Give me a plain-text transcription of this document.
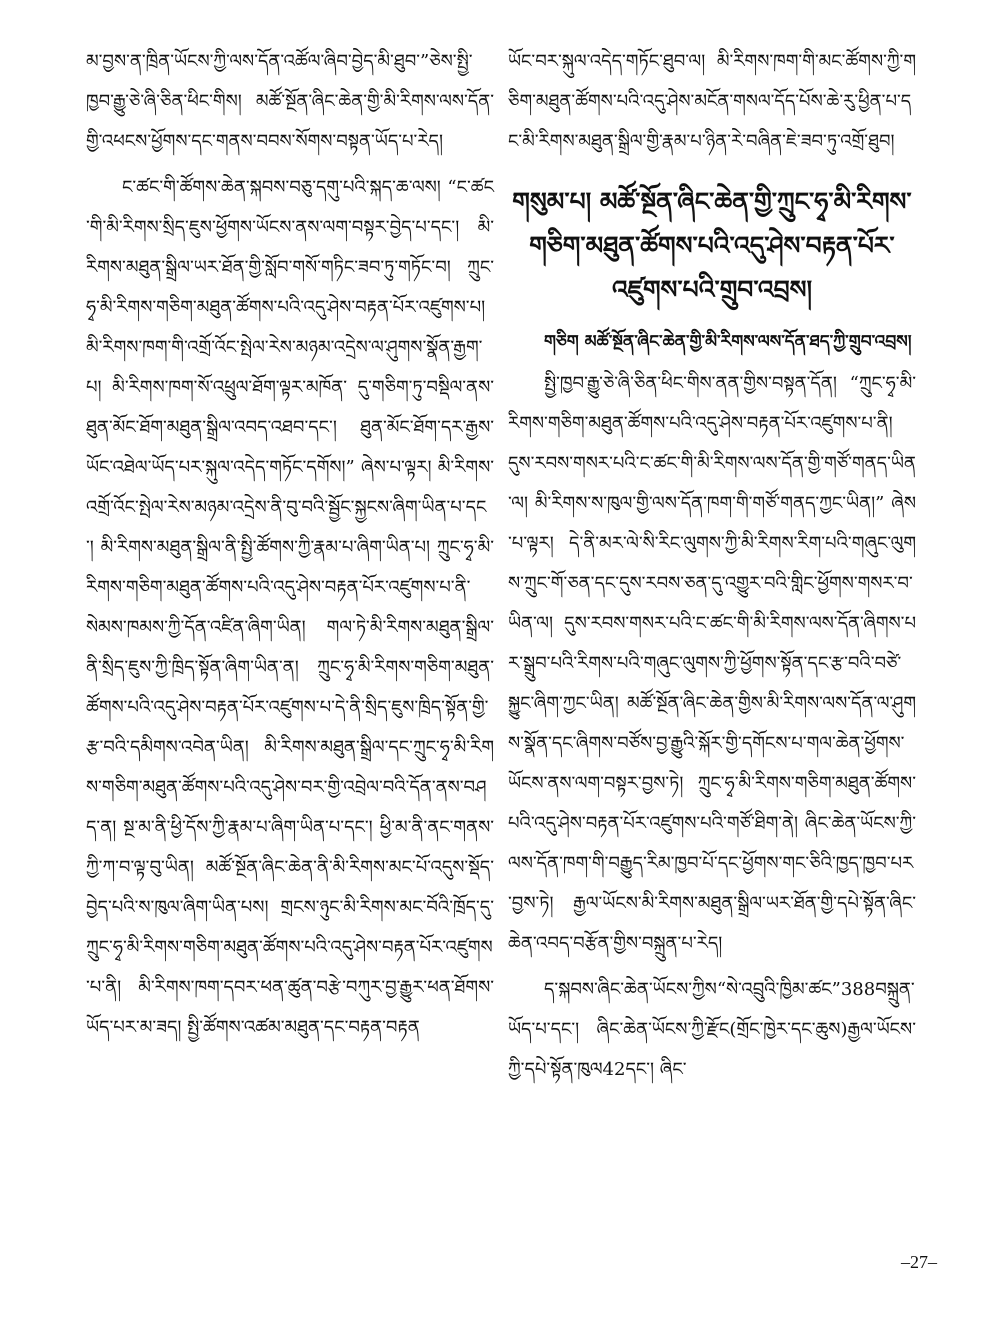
མ་བྱས་ན་ཁྲིན་ཡོངས་ཀྱི་ལས་དོན་འཚོལ་ཞིབ་བྱེད་མི་ཐུབ་”ཅེས་སྤྱི་ཁྱབ་རྒྱུ་ཅེ་ཞི་ཅིན་ཕིང་གིས། མཚོ་སྔོན་ཞིང་ཆེན་གྱི་མི་རིགས་ལས་དོན་གྱི་འཕངས་ཕྱོགས་དང་གནས་བབས་སོགས་བསྟན་ཡོད་པ་རེད།

ང་ཚང་གི་ཚོགས་ཆེན་སྐབས་བཅུ་དགུ་པའི་སྐད་ཆ་ལས། “ང་ཚང་གི་མི་རིགས་སྲིད་ཇུས་ཕྱོགས་ཡོངས་ནས་ལག་བསྟར་བྱེད་པ་དང་། མི་རིགས་མཐུན་སྒྲིལ་ཡར་ཐོན་གྱི་སློབ་གསོ་གཏིང་ཟབ་ཏུ་གཏོང་བ། ཀྲུང་ཧྭ་མི་རིགས་གཅིག་མཐུན་ཚོགས་པའི་འདུ་ཤེས་བརྟན་པོར་འཛུགས་པ། མི་རིགས་ཁག་གི་འགྲོ་འོང་སྤེལ་རེས་མཉམ་འདྲེས་ལ་ཤུགས་སྣོན་རྒྱག་པ། མི་རིགས་ཁག་སོ་འཕྲུལ་ཐོག་ལྟར་མཁོན་ དུ་གཅིག་ཏུ་བསྡིལ་ནས་ཐུན་མོང་ཐོག་མཐུན་སྒྲིལ་འབད་འཐབ་དང་། ཐུན་མོང་ཐོག་དར་རྒྱས་ཡོང་འཐེལ་ཡོད་པར་སྐུལ་འདེད་གཏོང་དགོས།” ཞེས་པ་ལྟར། མི་རིགས་འགྲོ་འོང་སྤེལ་རེས་མཉམ་འདྲེས་ནི་བུ་བའི་སྦྱོང་སྐྱངས་ཞིག་ཡིན་པ་དང་། མི་རིགས་མཐུན་སྒྲིལ་ནི་སྤྱི་ཚོགས་ཀྱི་རྣམ་པ་ཞིག་ཡིན་པ། ཀྲུང་ཧྭ་མི་རིགས་གཅིག་མཐུན་ཚོགས་པའི་འདུ་ཤེས་བརྟན་པོར་འཛུགས་པ་ནི་སེམས་ཁམས་ཀྱི་དོན་འཛིན་ཞིག་ཡིན། གལ་ཏེ་མི་རིགས་མཐུན་སྒྲིལ་ནི་སྲིད་ཇུས་ཀྱི་ཁྲིད་སྟོན་ཞིག་ཡིན་ན། ཀྲུང་ཧྭ་མི་རིགས་གཅིག་མཐུན་ཚོགས་པའི་འདུ་ཤེས་བརྟན་པོར་འཛུགས་པ་དེ་ནི་སྲིད་ཇུས་ཁྲིད་སྟོན་གྱི་རྩ་བའི་དམིགས་འབེན་ཡིན། མི་རིགས་མཐུན་སྒྲིལ་དང་ཀྲུང་ཧྭ་མི་རིགས་གཅིག་མཐུན་ཚོགས་པའི་འདུ་ཤེས་བར་གྱི་འབྲེལ་བའི་དོན་ནས་བཤད་ན། སྔ་མ་ནི་ཕྱི་དོས་ཀྱི་རྣམ་པ་ཞིག་ཡིན་པ་དང་། ཕྱི་མ་ནི་ནང་གནས་ཀྱི་ཀ་བ་ལྟ་བུ་ཡིན། མཚོ་སྔོན་ཞིང་ཆེན་ནི་མི་རིགས་མང་པོ་འདུས་སྡོད་བྱེད་པའི་ས་ཁུལ་ཞིག་ཡིན་པས། གྲངས་ཉུང་མི་རིགས་མང་བོའི་ཁྲོད་དུ་ཀྲུང་ཧྭ་མི་རིགས་གཅིག་མཐུན་ཚོགས་པའི་འདུ་ཤེས་བརྟན་པོར་འཛུགས་པ་ནི། མི་རིགས་ཁག་དབར་ཕན་ཚུན་བརྩེ་བཀུར་བྱ་རྒྱུར་ཕན་ཐོགས་ཡོད་པར་མ་ཟད། སྤྱི་ཚོགས་འཚམ་མཐུན་དང་བརྟན་བརྟན

ཡོང་བར་སྐུལ་འདེད་གཏོང་ཐུབ་ལ། མི་རིགས་ཁག་གི་མང་ཚོགས་ཀྱི་གཅིག་མཐུན་ཚོགས་པའི་འདུ་ཤེས་མངོན་གསལ་དོད་པོས་ཆེ་རུ་ཕྱིན་པ་དང་མི་རིགས་མཐུན་སྒྲིལ་གྱི་རྣམ་པ་ཉིན་རེ་བཞིན་ཇེ་ཟབ་ཏུ་འགྲོ་ཐུབ།

གསུམ་པ། མཚོ་སྔོན་ཞིང་ཆེན་གྱི་ཀྲུང་ཧྭ་མི་རིགས་གཅིག་མཐུན་ཚོགས་པའི་འདུ་ཤེས་བརྟན་པོར་འཛུགས་པའི་གྲུབ་འབྲས།
གཅིག མཚོ་སྔོན་ཞིང་ཆེན་གྱི་མི་རིགས་ལས་དོན་ཐད་ཀྱི་གྲུབ་འབྲས།

སྤྱི་ཁྱབ་རྒྱུ་ཅེ་ཞི་ཅིན་ཕིང་གིས་ནན་གྱིས་བསྟན་དོན། “ཀྲུང་ཧྭ་མི་རིགས་གཅིག་མཐུན་ཚོགས་པའི་འདུ་ཤེས་བརྟན་པོར་འཛུགས་པ་ནི། དུས་རབས་གསར་པའི་ང་ཚང་གི་མི་རིགས་ལས་དོན་གྱི་གཙོ་གནད་ཡིན་ལ། མི་རིགས་ས་ཁུལ་གྱི་ལས་དོན་ཁག་གི་གཙོ་གནད་ཀྱང་ཡིན།” ཞེས་པ་ལྟར། དེ་ནི་མར་ལེ་སི་རིང་ལུགས་ཀྱི་མི་རིགས་རིག་པའི་གཞུང་ལུགས་ཀྲུང་གོ་ཅན་དང་དུས་རབས་ཅན་དུ་འགྱུར་བའི་གླིང་ཕྱོགས་གསར་བ་ཡིན་ལ། དུས་རབས་གསར་པའི་ང་ཚང་གི་མི་རིགས་ལས་དོན་ཞིགས་པར་སྒྲུབ་པའི་རིགས་པའི་གཞུང་ལུགས་ཀྱི་ཕྱོགས་སྟོན་དང་རྩ་བའི་བཙེ་སྐྱུང་ཞིག་ཀྱང་ཡིན། མཚོ་སྔོན་ཞིང་ཆེན་གྱིས་མི་རིགས་ལས་དོན་ལ་ཤུགས་སྣོན་དང་ཞིགས་བཙོས་བྱ་རྒྱུའི་སྐོར་གྱི་དགོངས་པ་གལ་ཆེན་ཕྱོགས་ཡོངས་ནས་ལག་བསྟར་བྱས་ཏེ། ཀྲུང་ཧྭ་མི་རིགས་གཅིག་མཐུན་ཚོགས་པའི་འདུ་ཤེས་བརྟན་པོར་འཛུགས་པའི་གཙོ་ཐིག་ནེ། ཞིང་ཆེན་ཡོངས་ཀྱི་ལས་དོན་ཁག་གི་བརྒྱུད་རིམ་ཁྱབ་པོ་དང་ཕྱོགས་གང་ཅིའི་ཁྱད་ཁྱབ་པར་བྱས་ཏེ། རྒྱལ་ཡོངས་མི་རིགས་མཐུན་སྒྲིལ་ཡར་ཐོན་གྱི་དཔེ་སྟོན་ཞིང་ཆེན་འབད་བརྩོན་གྱིས་བསྐྲུན་པ་རེད།

ད་སྐབས་ཞིང་ཆེན་ཡོངས་ཀྱིས“སེ་འབྲུའི་ཁྱིམ་ཚང”388བསྐྲུན་ཡོད་པ་དང་། ཞིང་ཆེན་ཡོངས་ཀྱི་རྫོང(གྲོང་ཁྱེར་དང་ཆུས)རྒྱལ་ཡོངས་ཀྱི་དཔེ་སྟོན་ཁུལ42དང་། ཞིང་

–27–
